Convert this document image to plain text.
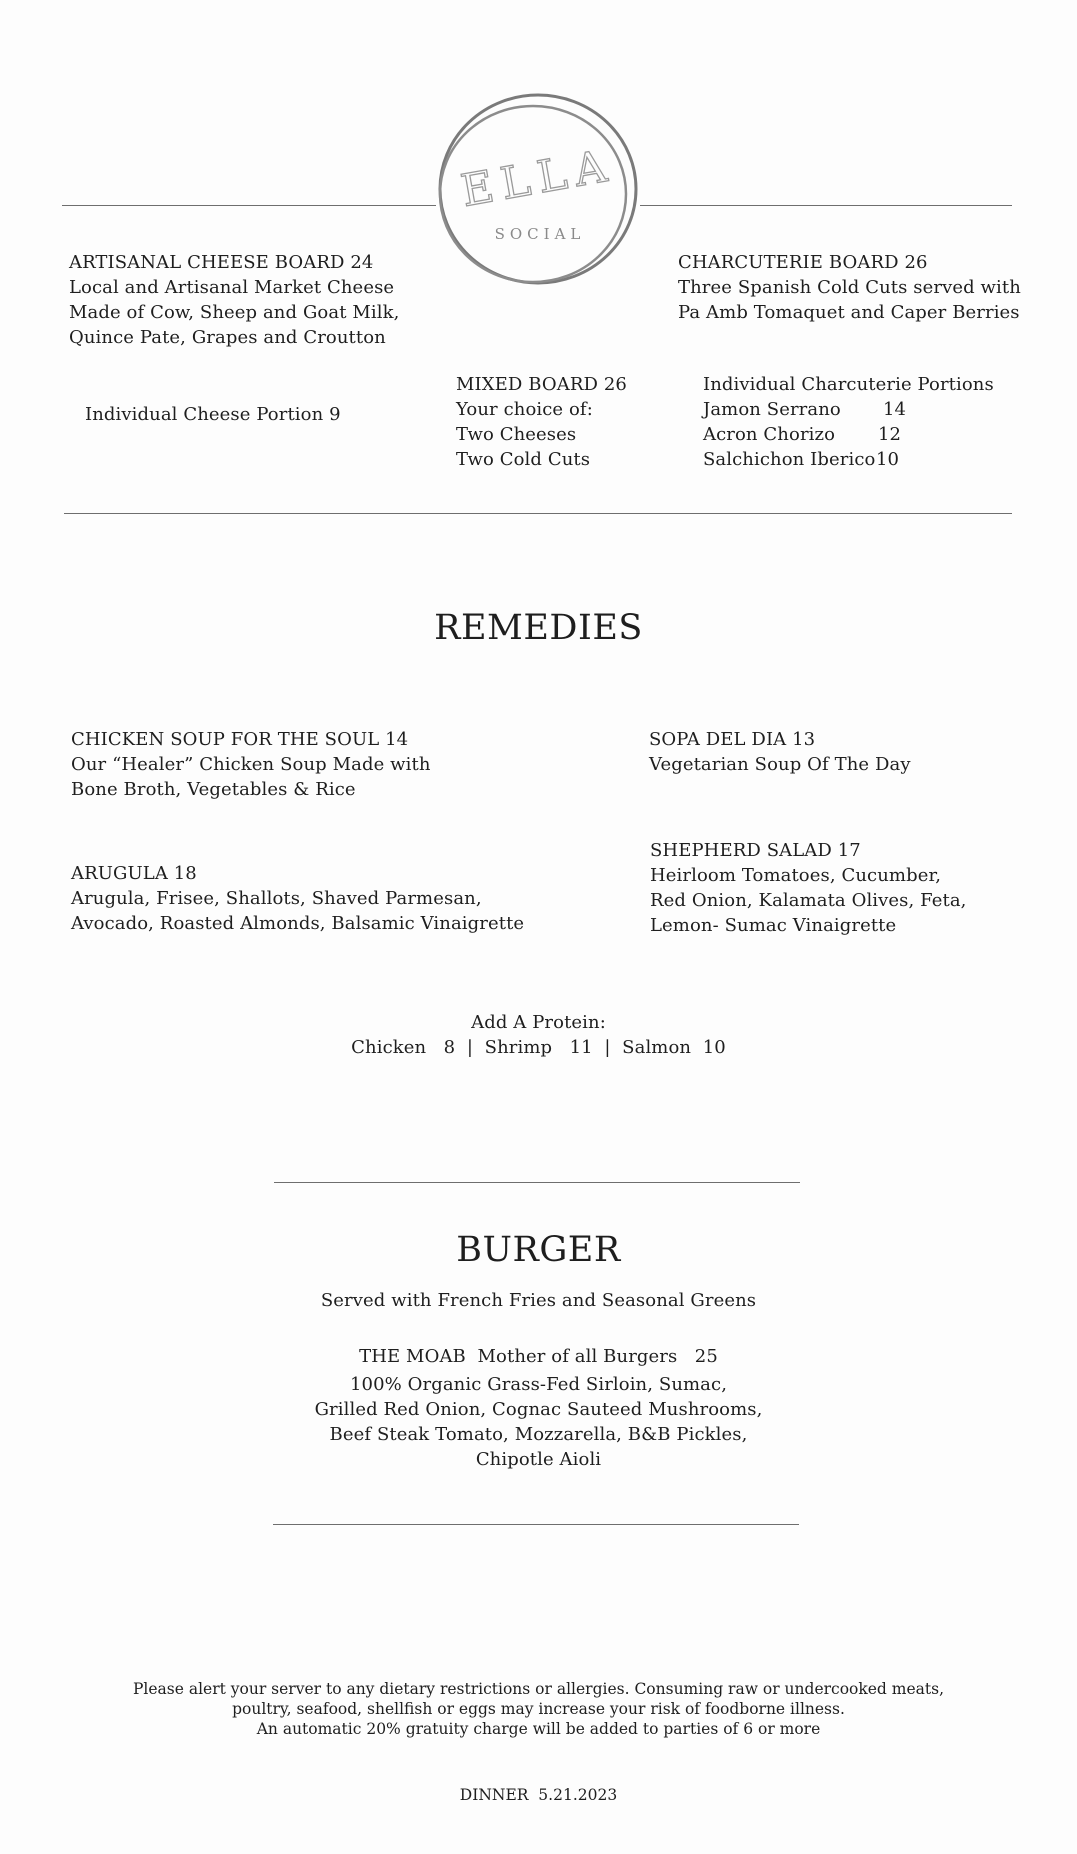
ELLA
SOCIAL
ARTISANAL CHEESE BOARD 24
Local and Artisanal Market Cheese
Made of Cow, Sheep and Goat Milk,
Quince Pate, Grapes and Croutton
CHARCUTERIE BOARD 26
Three Spanish Cold Cuts served with
Pa Amb Tomaquet and Caper Berries
Individual Cheese Portion 9
MIXED BOARD 26
Your choice of:
Two Cheeses
Two Cold Cuts
Individual Charcuterie Portions
Jamon Serrano 14
Acron Chorizo 12
Salchichon Iberico10
REMEDIES
CHICKEN SOUP FOR THE SOUL 14
Our “Healer” Chicken Soup Made with
Bone Broth, Vegetables & Rice
SOPA DEL DIA 13
Vegetarian Soup Of The Day
ARUGULA 18
Arugula, Frisee, Shallots, Shaved Parmesan,
Avocado, Roasted Almonds, Balsamic Vinaigrette
SHEPHERD SALAD 17
Heirloom Tomatoes, Cucumber,
Red Onion, Kalamata Olives, Feta,
Lemon- Sumac Vinaigrette
Add A Protein:
Chicken   8  |  Shrimp   11  |  Salmon  10
BURGER
Served with French Fries and Seasonal Greens
THE MOAB  Mother of all Burgers   25
100% Organic Grass-Fed Sirloin, Sumac,
Grilled Red Onion, Cognac Sauteed Mushrooms,
Beef Steak Tomato, Mozzarella, B&B Pickles,
Chipotle Aioli
Please alert your server to any dietary restrictions or allergies. Consuming raw or undercooked meats,
poultry, seafood, shellfish or eggs may increase your risk of foodborne illness.
An automatic 20% gratuity charge will be added to parties of 6 or more
DINNER  5.21.2023
